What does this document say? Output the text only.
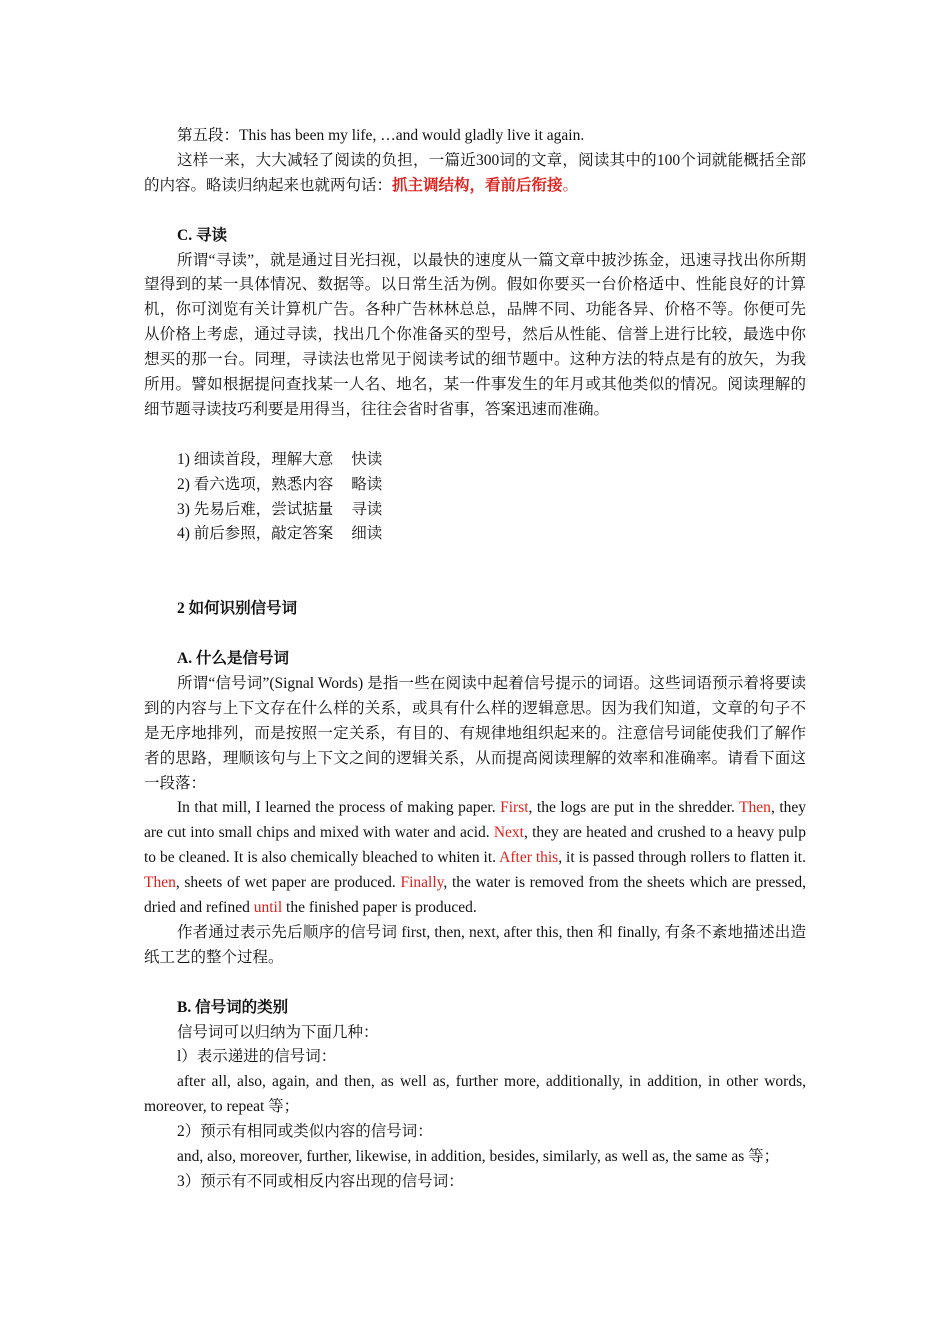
第五段：This has been my life, …and would gladly live it again.

这样一来，大大减轻了阅读的负担，一篇近300词的文章，阅读其中的100个词就能概括全部的内容。略读归纳起来也就两句话：抓主调结构，看前后衔接。

C. 寻读

所谓“寻读”，就是通过目光扫视，以最快的速度从一篇文章中披沙拣金，迅速寻找出你所期望得到的某一具体情况、数据等。以日常生活为例。假如你要买一台价格适中、性能良好的计算机，你可浏览有关计算机广告。各种广告林林总总，品牌不同、功能各异、价格不等。你便可先从价格上考虑，通过寻读，找出几个你准备买的型号，然后从性能、信誉上进行比较，最选中你想买的那一台。同理，寻读法也常见于阅读考试的细节题中。这种方法的特点是有的放矢，为我所用。譬如根据提问查找某一人名、地名，某一件事发生的年月或其他类似的情况。阅读理解的细节题寻读技巧利要是用得当，往往会省时省事，答案迅速而准确。

1) 细读首段，理解大意 快读

2) 看六选项，熟悉内容 略读

3) 先易后难，尝试掂量 寻读

4) 前后参照，敲定答案 细读

2 如何识别信号词

A. 什么是信号词

所谓“信号词”(Signal Words) 是指一些在阅读中起着信号提示的词语。这些词语预示着将要读到的内容与上下文存在什么样的关系，或具有什么样的逻辑意思。因为我们知道，文章的句子不是无序地排列，而是按照一定关系，有目的、有规律地组织起来的。注意信号词能使我们了解作者的思路，理顺该句与上下文之间的逻辑关系，从而提高阅读理解的效率和准确率。请看下面这一段落：

In that mill, I learned the process of making paper. First, the logs are put in the shredder. Then, they are cut into small chips and mixed with water and acid. Next, they are heated and crushed to a heavy pulp to be cleaned. It is also chemically bleached to whiten it. After this, it is passed through rollers to flatten it. Then, sheets of wet paper are produced. Finally, the water is removed from the sheets which are pressed, dried and refined until the finished paper is produced.

作者通过表示先后顺序的信号词 first, then, next, after this, then 和 finally, 有条不紊地描述出造纸工艺的整个过程。

B. 信号词的类别

信号词可以归纳为下面几种：

l）表示递进的信号词：

after all, also, again, and then, as well as, further more, additionally, in addition, in other words, moreover, to repeat 等；

2）预示有相同或类似内容的信号词：

and, also, moreover, further, likewise, in addition, besides, similarly, as well as, the same as 等；

3）预示有不同或相反内容出现的信号词：
